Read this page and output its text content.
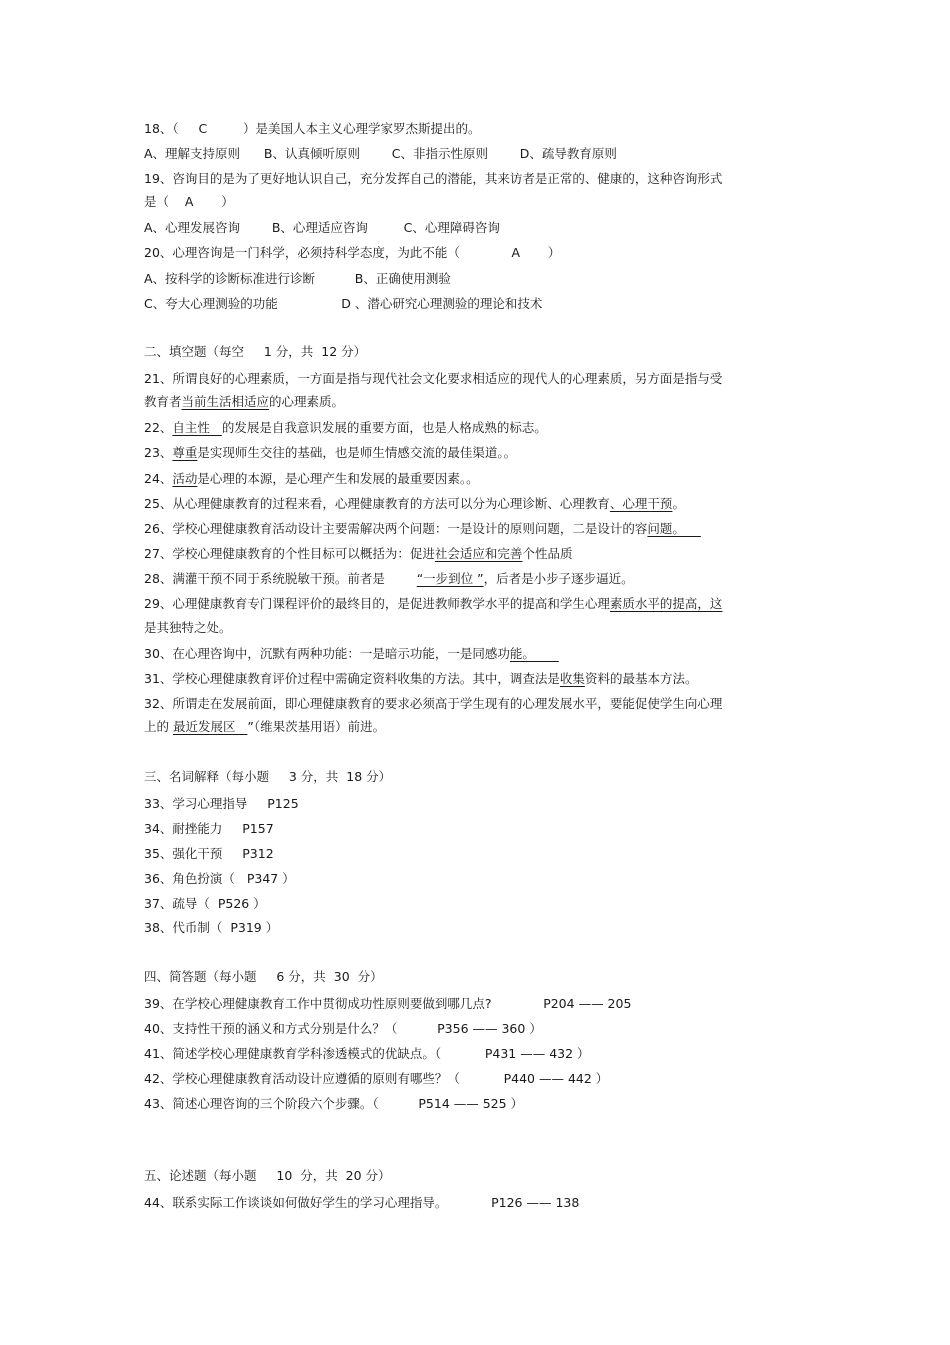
18、（     C         ）是美国人本主义心理学家罗杰斯提出的。
A、理解支持原则      B、认真倾听原则        C、非指示性原则        D、疏导教育原则
19、咨询目的是为了更好地认识自己，充分发挥自己的潜能，其来访者是正常的、健康的，这种咨询形式
是（    A       ）
A、心理发展咨询        B、心理适应咨询         C、心理障碍咨询
20、心理咨询是一门科学，必须持科学态度，为此不能（             A       ）
A、按科学的诊断标准进行诊断          B、正确使用测验
C、夸大心理测验的功能                D 、潜心研究心理测验的理论和技术
二、填空题（每空     1 分，共  12 分）
21、所谓良好的心理素质，一方面是指与现代社会文化要求相适应的现代人的心理素质，另方面是指与受
教育者当前生活相适应的心理素质。
22、自主性   的发展是自我意识发展的重要方面，也是人格成熟的标志。
23、尊重是实现师生交往的基础，也是师生情感交流的最佳渠道。。
24、活动是心理的本源，是心理产生和发展的最重要因素。。
25、从心理健康教育的过程来看，心理健康教育的方法可以分为心理诊断、心理教育、心理干预。
26、学校心理健康教育活动设计主要需解决两个问题：一是设计的原则问题，二是设计的容问题。
27、学校心理健康教育的个性目标可以概括为：促进社会适应和完善个性品质
28、满灌干预不同于系统脱敏干预。前者是        “一步到位 ”，后者是小步子逐步逼近。
29、心理健康教育专门课程评价的最终目的，是促进教师教学水平的提高和学生心理素质水平的提高，这
是其独特之处。
30、在心理咨询中，沉默有两种功能：一是暗示功能，一是同感功能。
31、学校心理健康教育评价过程中需确定资料收集的方法。其中，调查法是收集资料的最基本方法。
32、所谓走在发展前面，即心理健康教育的要求必须高于学生现有的心理发展水平，要能促使学生向心理
上的 最近发展区   ”（维果茨基用语）前进。
三、名词解释（每小题     3 分，共  18 分）
33、学习心理指导     P125
34、耐挫能力     P157
35、强化干预     P312
36、角色扮演（   P347 ）
37、疏导（  P526 ）
38、代币制（  P319 ）
四、简答题（每小题     6 分，共  30  分）
39、在学校心理健康教育工作中贯彻成功性原则要做到哪几点?             P204 —— 205
40、支持性干预的涵义和方式分别是什么？（          P356 —— 360 ）
41、简述学校心理健康教育学科渗透模式的优缺点。（           P431 —— 432 ）
42、学校心理健康教育活动设计应遵循的原则有哪些？（           P440 —— 442 ）
43、简述心理咨询的三个阶段六个步骤。（          P514 —— 525 ）
五、论述题（每小题     10  分，共  20 分）
44、联系实际工作谈谈如何做好学生的学习心理指导。           P126 —— 138
